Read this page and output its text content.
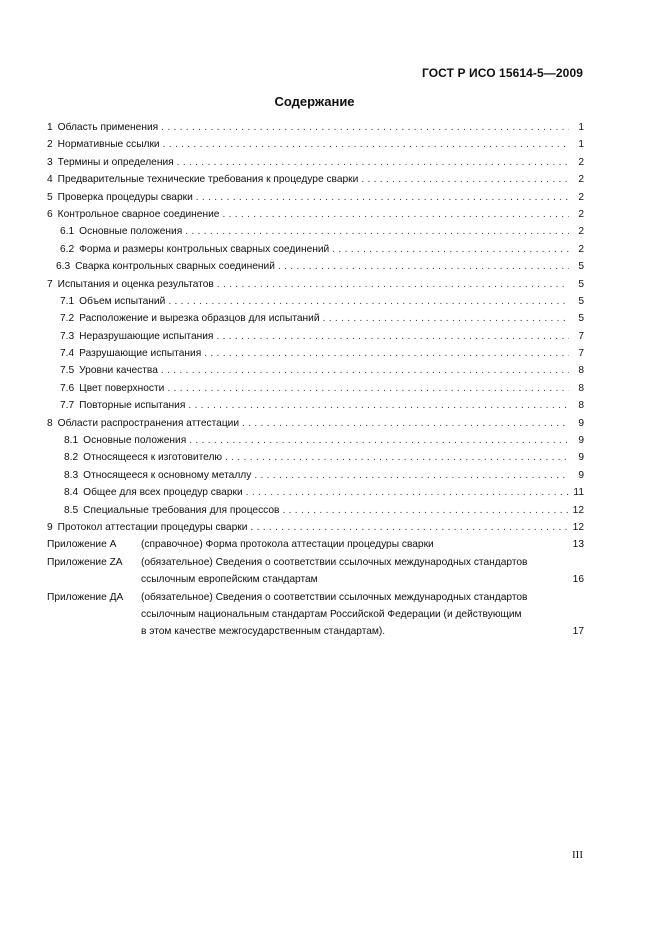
ГОСТ Р ИСО 15614-5—2009
Содержание
1 Область применения . . .	1
2 Нормативные ссылки . . .	1
3 Термины и определения . . .	2
4 Предварительные технические требования к процедуре сварки . . .	2
5 Проверка процедуры сварки . . .	2
6 Контрольное сварное соединение . . .	2
6.1 Основные положения . . .	2
6.2 Форма и размеры контрольных сварных соединений . . .	2
6.3 Сварка контрольных сварных соединений . . .	5
7 Испытания и оценка результатов . . .	5
7.1 Объем испытаний . . .	5
7.2 Расположение и вырезка образцов для испытаний . . .	5
7.3 Неразрушающие испытания . . .	7
7.4 Разрушающие испытания . . .	7
7.5 Уровни качества . . .	8
7.6 Цвет поверхности . . .	8
7.7 Повторные испытания . . .	8
8 Области распространения аттестации . . .	9
8.1 Основные положения . . .	9
8.2 Относящееся к изготовителю . . .	9
8.3 Относящееся к основному металлу . . .	9
8.4 Общее для всех процедур сварки . . .	11
8.5 Специальные требования для процессов . . .	12
9 Протокол аттестации процедуры сварки . . .	12
Приложение А	(справочное) Форма протокола аттестации процедуры сварки	13
Приложение ZA	(обязательное) Сведения о соответствии ссылочных международных стандартов
ссылочным европейским стандартам	16
Приложение ДА	(обязательное) Сведения о соответствии ссылочных международных стандартов
ссылочным национальным стандартам Российской Федерации (и действующим
в этом качестве межгосударственным стандартам).	17
III
